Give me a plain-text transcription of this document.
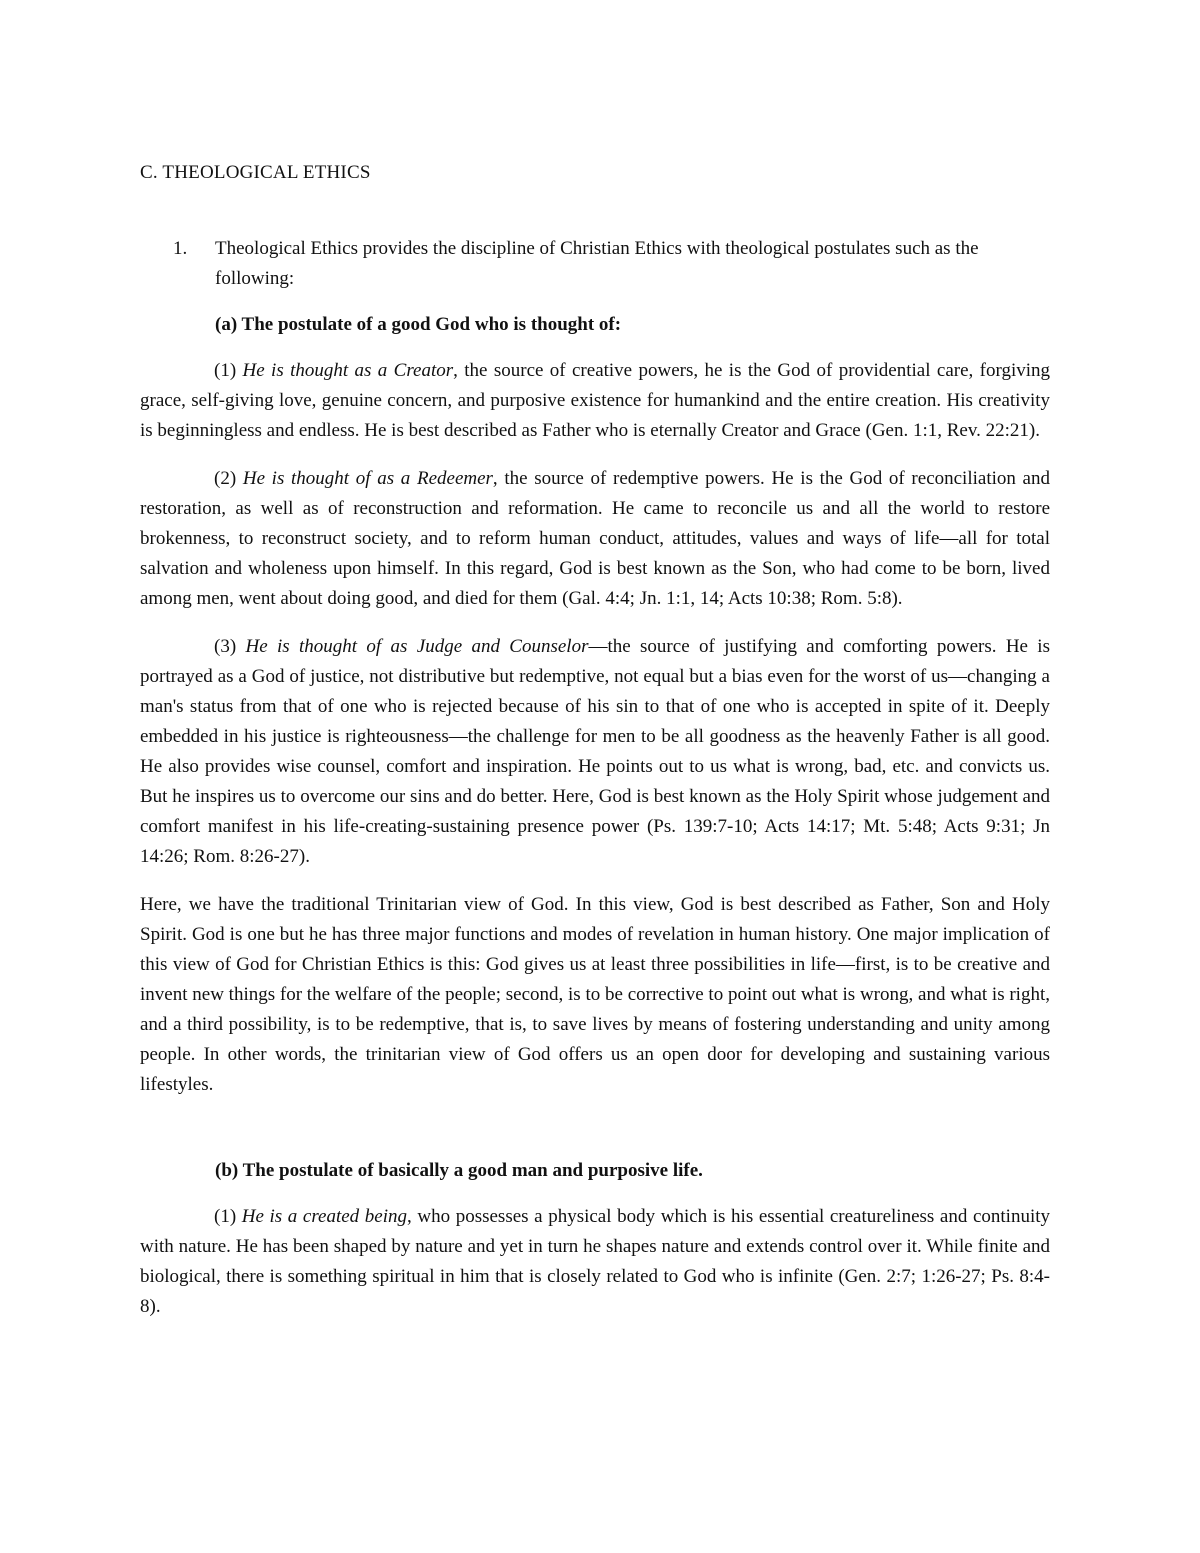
C. THEOLOGICAL ETHICS
1.	Theological Ethics provides the discipline of Christian Ethics with theological postulates such as the following:

(a) The postulate of a good God who is thought of:

(1) He is thought as a Creator, the source of creative powers, he is the God of providential care, forgiving grace, self-giving love, genuine concern, and purposive existence for humankind and the entire creation. His creativity is beginningless and endless. He is best described as Father who is eternally Creator and Grace (Gen. 1:1, Rev. 22:21).

(2) He is thought of as a Redeemer, the source of redemptive powers. He is the God of reconciliation and restoration, as well as of reconstruction and reformation. He came to reconcile us and all the world to restore brokenness, to reconstruct society, and to reform human conduct, attitudes, values and ways of life—all for total salvation and wholeness upon himself. In this regard, God is best known as the Son, who had come to be born, lived among men, went about doing good, and died for them (Gal. 4:4; Jn. 1:1, 14; Acts 10:38; Rom. 5:8).

(3) He is thought of as Judge and Counselor—the source of justifying and comforting powers. He is portrayed as a God of justice, not distributive but redemptive, not equal but a bias even for the worst of us—changing a man's status from that of one who is rejected because of his sin to that of one who is accepted in spite of it. Deeply embedded in his justice is righteousness—the challenge for men to be all goodness as the heavenly Father is all good. He also provides wise counsel, comfort and inspiration. He points out to us what is wrong, bad, etc. and convicts us. But he inspires us to overcome our sins and do better. Here, God is best known as the Holy Spirit whose judgement and comfort manifest in his life-creating-sustaining presence power (Ps. 139:7-10; Acts 14:17; Mt. 5:48; Acts 9:31; Jn 14:26; Rom. 8:26-27).

Here, we have the traditional Trinitarian view of God. In this view, God is best described as Father, Son and Holy Spirit. God is one but he has three major functions and modes of revelation in human history. One major implication of this view of God for Christian Ethics is this: God gives us at least three possibilities in life—first, is to be creative and invent new things for the welfare of the people; second, is to be corrective to point out what is wrong, and what is right, and a third possibility, is to be redemptive, that is, to save lives by means of fostering understanding and unity among people. In other words, the trinitarian view of God offers us an open door for developing and sustaining various lifestyles.

(b) The postulate of basically a good man and purposive life.

(1) He is a created being, who possesses a physical body which is his essential creatureliness and continuity with nature. He has been shaped by nature and yet in turn he shapes nature and extends control over it. While finite and biological, there is something spiritual in him that is closely related to God who is infinite (Gen. 2:7; 1:26-27; Ps. 8:4-8).
